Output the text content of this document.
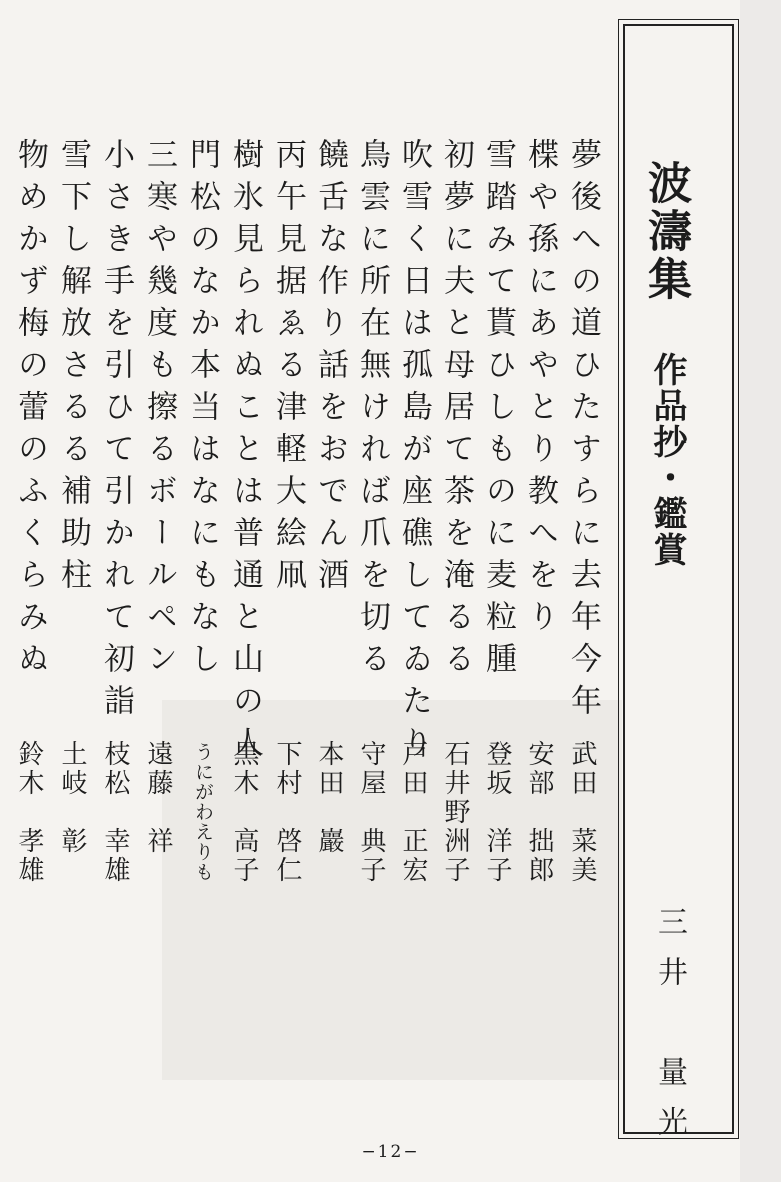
波濤集
作品抄・鑑賞
三井　量光
夢後への道ひたすらに去年今年
楪や孫にあやとり教へをり
雪踏みて貰ひしものに麦粒腫
初夢に夫と母居て茶を淹るる
吹雪く日は孤島が座礁してゐたり
鳥雲に所在無ければ爪を切る
饒舌な作り話をおでん酒
丙午見据ゑる津軽大絵凧
樹氷見られぬことは普通と山の人
門松のなか本当はなにもなし
三寒や幾度も擦るボールペン
小さき手を引ひて引かれて初詣
雪下し解放さるる補助柱
物めかず梅の蕾のふくらみぬ
武田　菜美
安部　拙郎
登坂　洋子
石井野洲子
戸田　正宏
守屋　典子
本田　巖
下村　啓仁
黒木　高子
うにがわえりも
遠藤　祥
枝松　幸雄
土岐　彰
鈴木　孝雄
−12−
